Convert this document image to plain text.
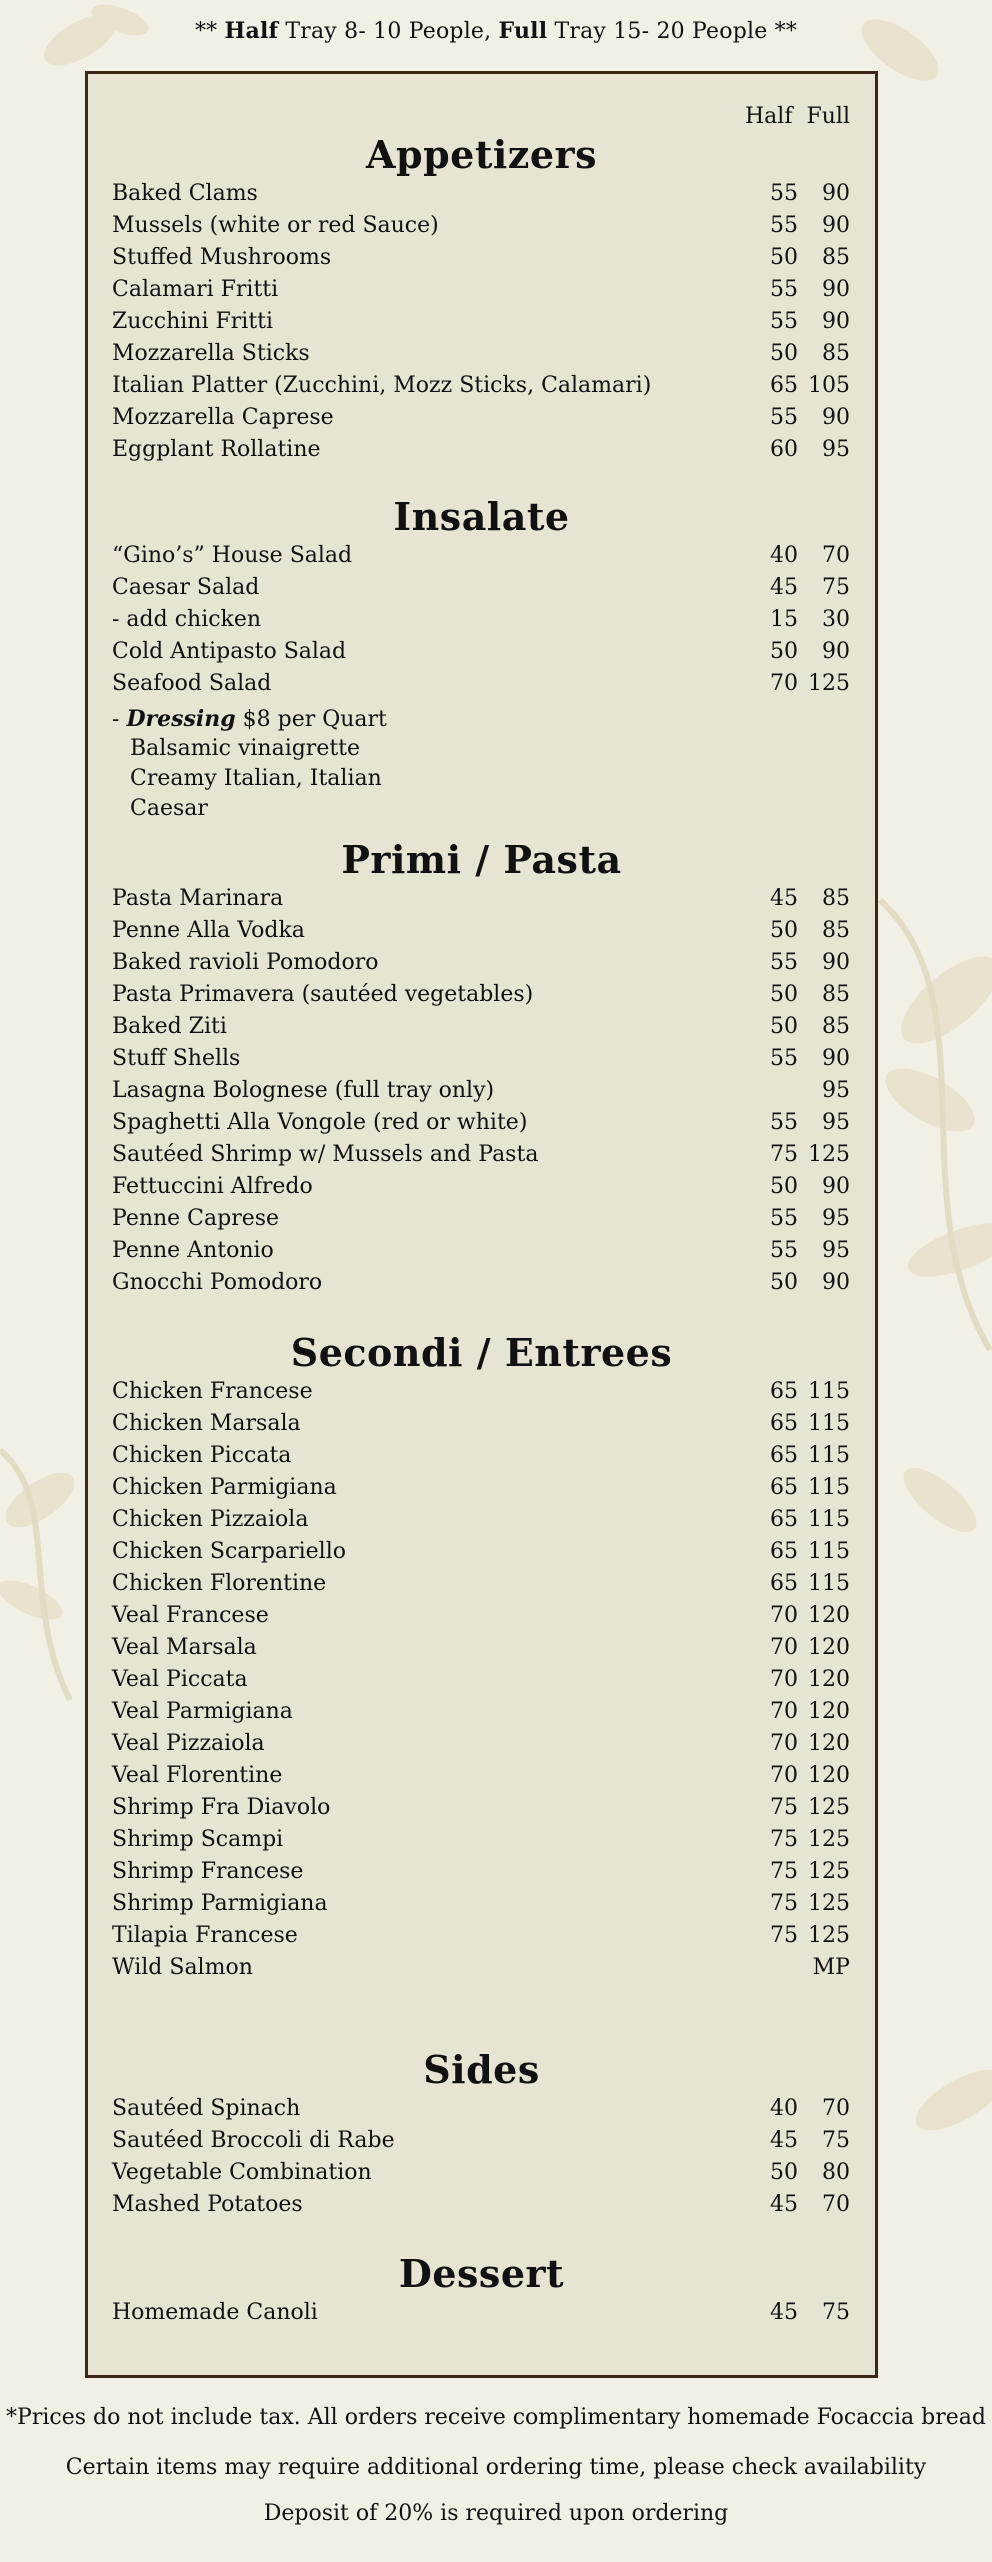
** Half Tray 8- 10 People, Full Tray 15- 20 People **
Half Full
Appetizers
Baked Clams	55	90
Mussels (white or red Sauce)	55	90
Stuffed Mushrooms	50	85
Calamari Fritti	55	90
Zucchini Fritti	55	90
Mozzarella Sticks	50	85
Italian Platter (Zucchini, Mozz Sticks, Calamari)	65 105
Mozzarella Caprese	55	90
Eggplant Rollatine	60	95
Insalate
“Gino’s” House Salad	40	70
Caesar Salad	45	75
- add chicken	15	30
Cold Antipasto Salad	50	90
Seafood Salad	70 125
- Dressing $8 per Quart
Balsamic vinaigrette
Creamy Italian, Italian
Caesar
Primi / Pasta
Pasta Marinara	45	85
Penne Alla Vodka	50	85
Baked ravioli Pomodoro	55	90
Pasta Primavera (sautéed vegetables)	50	85
Baked Ziti	50	85
Stuff Shells	55	90
Lasagna Bolognese (full tray only)	95
Spaghetti Alla Vongole (red or white)	55	95
Sautéed Shrimp w/ Mussels and Pasta	75 125
Fettuccini Alfredo	50	90
Penne Caprese	55	95
Penne Antonio	55	95
Gnocchi Pomodoro	50	90
Secondi / Entrees
Chicken Francese	65 115
Chicken Marsala	65 115
Chicken Piccata	65 115
Chicken Parmigiana	65 115
Chicken Pizzaiola	65 115
Chicken Scarpariello	65 115
Chicken Florentine	65 115
Veal Francese	70 120
Veal Marsala	70 120
Veal Piccata	70 120
Veal Parmigiana	70 120
Veal Pizzaiola	70 120
Veal Florentine	70 120
Shrimp Fra Diavolo	75 125
Shrimp Scampi	75 125
Shrimp Francese	75 125
Shrimp Parmigiana	75 125
Tilapia Francese	75 125
Wild Salmon	MP
Sides
Sautéed Spinach	40	70
Sautéed Broccoli di Rabe	45	75
Vegetable Combination	50	80
Mashed Potatoes	45	70
Dessert
Homemade Canoli	45	75
*Prices do not include tax. All orders receive complimentary homemade Focaccia bread
Certain items may require additional ordering time, please check availability
Deposit of 20% is required upon ordering
